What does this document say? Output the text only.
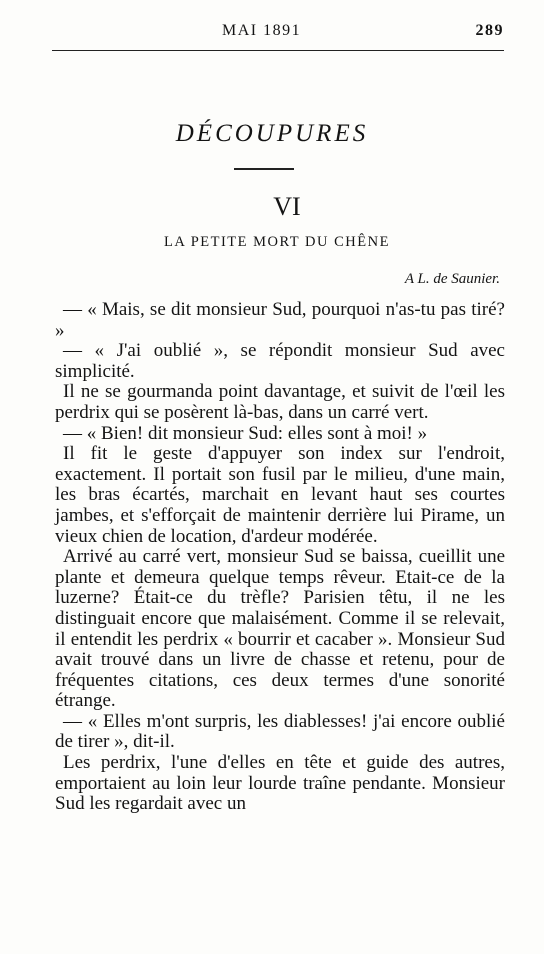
MAI 1891	289
DÉCOUPURES
VI
LA PETITE MORT DU CHÊNE
A L. de Saunier.

— « Mais, se dit monsieur Sud, pourquoi n'as-tu pas tiré? »

— « J'ai oublié », se répondit monsieur Sud avec simplicité.

Il ne se gourmanda point davantage, et suivit de l'œil les perdrix qui se posèrent là-bas, dans un carré vert.

— « Bien! dit monsieur Sud: elles sont à moi! »

Il fit le geste d'appuyer son index sur l'endroit, exactement. Il portait son fusil par le milieu, d'une main, les bras écartés, marchait en levant haut ses courtes jambes, et s'efforçait de maintenir derrière lui Pirame, un vieux chien de location, d'ardeur modérée.

Arrivé au carré vert, monsieur Sud se baissa, cueillit une plante et demeura quelque temps rêveur. Etait-ce de la luzerne? Était-ce du trèfle? Parisien têtu, il ne les distinguait encore que malaisément. Comme il se relevait, il entendit les perdrix « bourrir et cacaber ». Monsieur Sud avait trouvé dans un livre de chasse et retenu, pour de fréquentes citations, ces deux termes d'une sonorité étrange.

— « Elles m'ont surpris, les diablesses! j'ai encore oublié de tirer », dit-il.

Les perdrix, l'une d'elles en tête et guide des autres, emportaient au loin leur lourde traîne pendante. Monsieur Sud les regardait avec un
